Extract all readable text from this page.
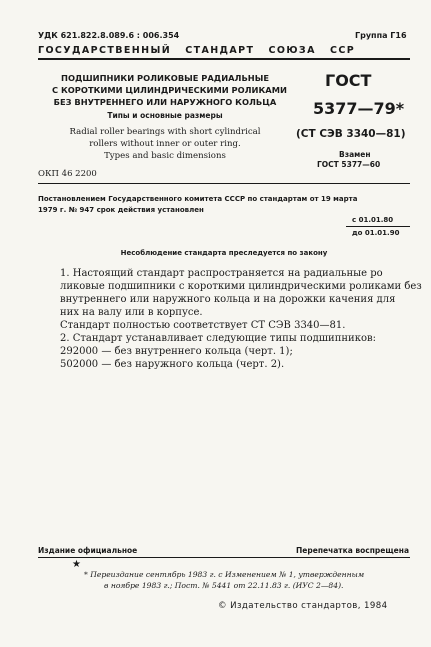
УДК 621.822.8.089.6 : 006.354	Группа Г16
ГОСУДАРСТВЕННЫЙ   СТАНДАРТ   СОЮЗА   ССР
ПОДШИПНИКИ РОЛИКОВЫЕ РАДИАЛЬНЫЕ
С КОРОТКИМИ ЦИЛИНДРИЧЕСКИМИ РОЛИКАМИ
БЕЗ ВНУТРЕННЕГО ИЛИ НАРУЖНОГО КОЛЬЦА
Типы и основные размеры
Radial roller bearings with short cylindrical
rollers without inner or outer ring.
Types and basic dimensions
ГОСТ
5377—79*
(СТ СЭВ 3340—81)
Взамен
ГОСТ 5377—60
ОКП 46 2200
Постановлением Государственного комитета СССР по стандартам от 19 марта
1979 г. № 947 срок действия установлен
с 01.01.80
до 01.01.90
Несоблюдение стандарта преследуется по закону
1. Настоящий стандарт распространяется на радиальные ро
ликовые подшипники с короткими цилиндрическими роликами без
внутреннего или наружного кольца и на дорожки качения для
них на валу или в корпусе.
Стандарт полностью соответствует СТ СЭВ 3340—81.
2. Стандарт устанавливает следующие типы подшипников:
292000 — без внутреннего кольца (черт. 1);
502000 — без наружного кольца (черт. 2).
Издание официальное	Перепечатка воспрещена
★
* Переиздание сентябрь 1983 г. с Изменением № 1, утвержденным
в ноябре 1983 г.; Пост. № 5441 от 22.11.83 г. (ИУС 2—84).
© Издательство стандартов, 1984
